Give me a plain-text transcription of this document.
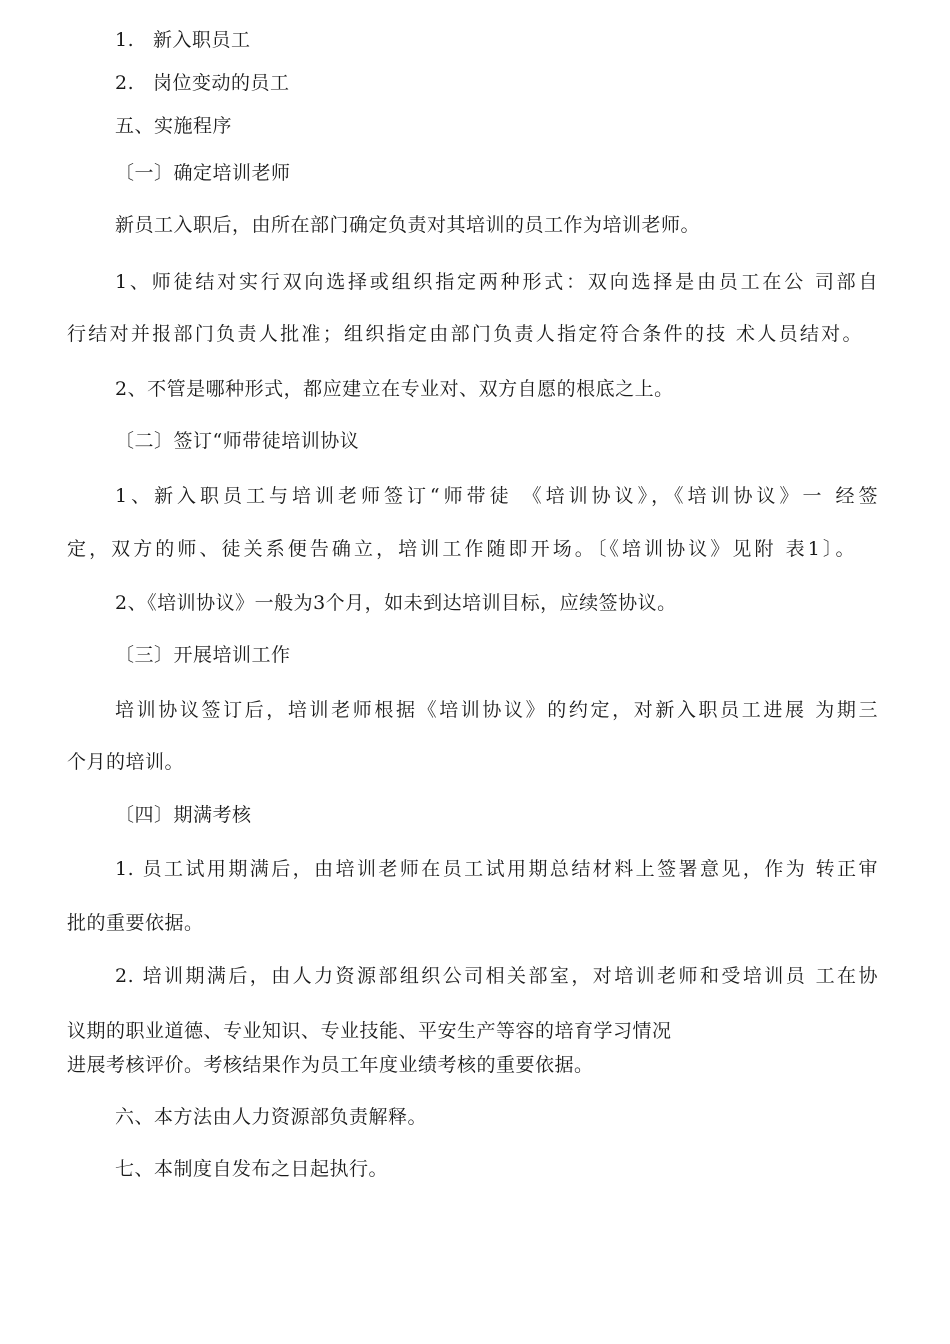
1. 新入职员工
2. 岗位变动的员工
五、实施程序
〔一〕确定培训老师
新员工入职后，由所在部门确定负责对其培训的员工作为培训老师。
1、师徒结对实行双向选择或组织指定两种形式：双向选择是由员工在公 司部自
行结对并报部门负责人批准；组织指定由部门负责人指定符合条件的技 术人员结对。
2、不管是哪种形式，都应建立在专业对、双方自愿的根底之上。
〔二〕签订“师带徒培训协议
1、新入职员工与培训老师签订“师带徒 《培训协议》，《培训协议》一 经签
定，双方的师、徒关系便告确立，培训工作随即开场。〔《培训协议》见附 表1〕。
2、《培训协议》一般为3个月，如未到达培训目标，应续签协议。
〔三〕开展培训工作
培训协议签订后，培训老师根据《培训协议》的约定，对新入职员工进展 为期三
个月的培训。
〔四〕期满考核
1. 员工试用期满后，由培训老师在员工试用期总结材料上签署意见，作为 转正审
批的重要依据。
2. 培训期满后，由人力资源部组织公司相关部室，对培训老师和受培训员 工在协
议期的职业道德、专业知识、专业技能、平安生产等容的培育学习情况
进展考核评价。考核结果作为员工年度业绩考核的重要依据。
六、本方法由人力资源部负责解释。
七、本制度自发布之日起执行。
